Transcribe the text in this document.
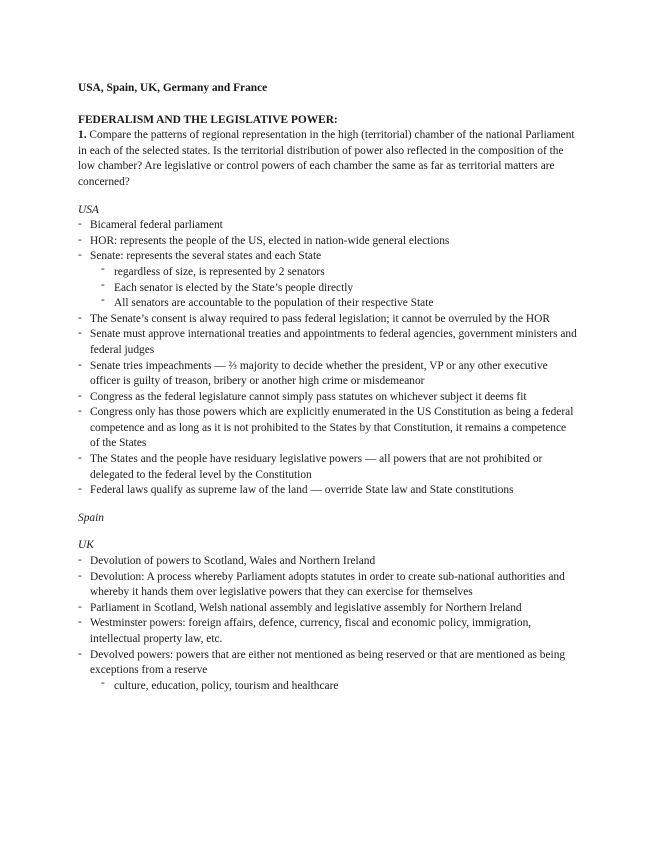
USA, Spain, UK, Germany and France

FEDERALISM AND THE LEGISLATIVE POWER:

1. Compare the patterns of regional representation in the high (territorial) chamber of the national Parliament in each of the selected states. Is the territorial distribution of power also reflected in the composition of the low chamber? Are legislative or control powers of each chamber the same as far as territorial matters are concerned?

USA

- Bicameral federal parliament
- HOR: represents the people of the US, elected in nation-wide general elections
- Senate: represents the several states and each State
- regardless of size, is represented by 2 senators
- Each senator is elected by the State’s people directly
- All senators are accountable to the population of their respective State
- The Senate’s consent is alway required to pass federal legislation; it cannot be overruled by the HOR
- Senate must approve international treaties and appointments to federal agencies, government ministers and federal judges
- Senate tries impeachments — ⅔ majority to decide whether the president, VP or any other executive officer is guilty of treason, bribery or another high crime or misdemeanor
- Congress as the federal legislature cannot simply pass statutes on whichever subject it deems fit
- Congress only has those powers which are explicitly enumerated in the US Constitution as being a federal competence and as long as it is not prohibited to the States by that Constitution, it remains a competence of the States
- The States and the people have residuary legislative powers — all powers that are not prohibited or delegated to the federal level by the Constitution
- Federal laws qualify as supreme law of the land — override State law and State constitutions

Spain

UK

- Devolution of powers to Scotland, Wales and Northern Ireland
- Devolution: A process whereby Parliament adopts statutes in order to create sub-national authorities and whereby it hands them over legislative powers that they can exercise for themselves
- Parliament in Scotland, Welsh national assembly and legislative assembly for Northern Ireland
- Westminster powers: foreign affairs, defence, currency, fiscal and economic policy, immigration, intellectual property law, etc.
- Devolved powers: powers that are either not mentioned as being reserved or that are mentioned as being exceptions from a reserve
- culture, education, policy, tourism and healthcare
